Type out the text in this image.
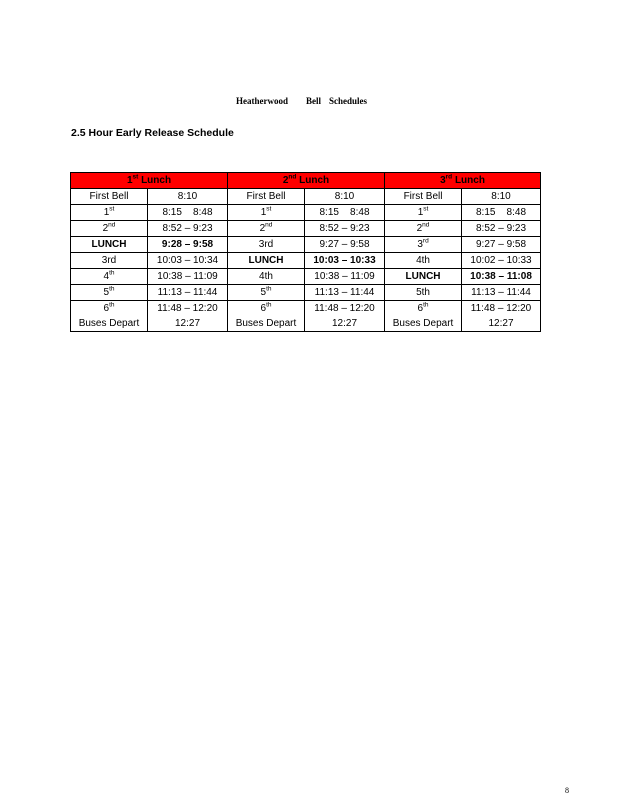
Heatherwood Bell Schedules
2.5 Hour Early Release Schedule
1st Lunch		2nd Lunch		3rd Lunch	
First Bell	8:10	First Bell	8:10	First Bell	8:10
1st	8:15    8:48	1st	8:15    8:48	1st	8:15    8:48
2nd	8:52 – 9:23	2nd	8:52 – 9:23	2nd	8:52 – 9:23
LUNCH	9:28 – 9:58	3rd	9:27 – 9:58	3rd	9:27 – 9:58
3rd	10:03 – 10:34	LUNCH	10:03 – 10:33	4th	10:02 – 10:33
4th	10:38 – 11:09	4th	10:38 – 11:09	LUNCH	10:38 – 11:08
5th	11:13 – 11:44	5th	11:13 – 11:44	5th	11:13 – 11:44
6th	11:48 – 12:20	6th	11:48 – 12:20	6th	11:48 – 12:20
Buses Depart	12:27	Buses Depart	12:27	Buses Depart	12:27
8
